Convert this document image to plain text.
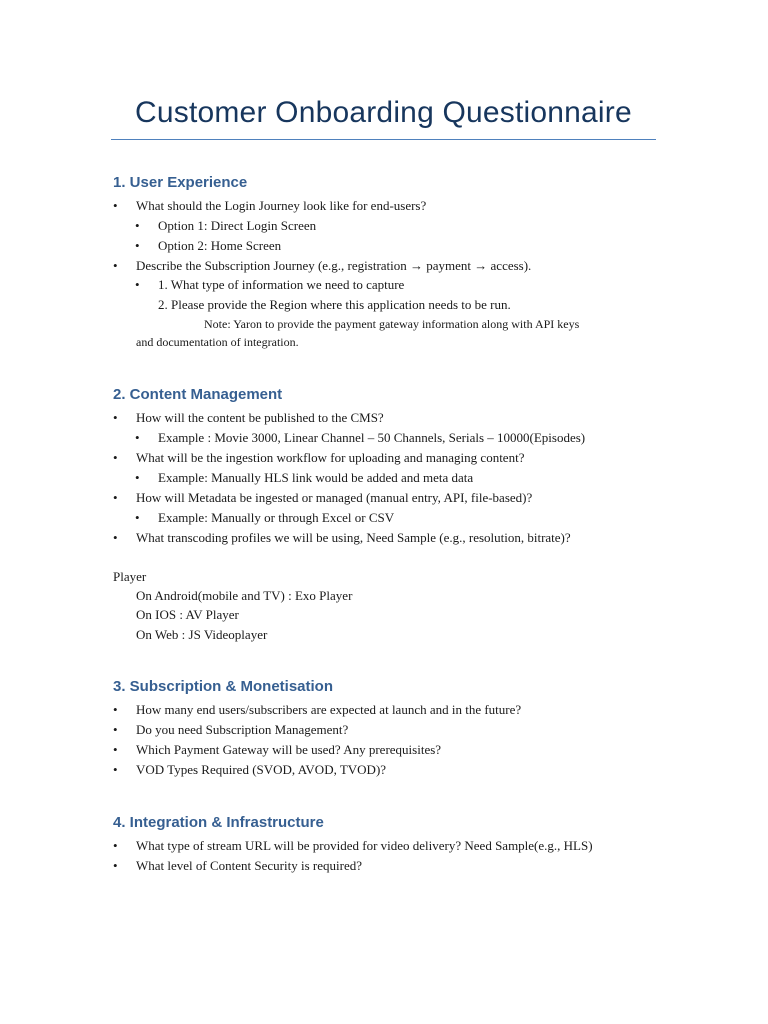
Customer Onboarding Questionnaire
1. User Experience
• What should the Login Journey look like for end-users?
• Option 1: Direct Login Screen
• Option 2: Home Screen
• Describe the Subscription Journey (e.g., registration → payment → access).
• 1. What type of information we need to capture
2. Please provide the Region where this application needs to be run.
Note: Yaron to provide the payment gateway information along with API keys
and documentation of integration.
2. Content Management
• How will the content be published to the CMS?
• Example : Movie 3000, Linear Channel – 50 Channels, Serials – 10000(Episodes)
• What will be the ingestion workflow for uploading and managing content?
• Example: Manually HLS link would be added and meta data
• How will Metadata be ingested or managed (manual entry, API, file-based)?
• Example: Manually or through Excel or CSV
• What transcoding profiles we will be using, Need Sample (e.g., resolution, bitrate)?
Player
On Android(mobile and TV) : Exo Player
On IOS : AV Player
On Web : JS Videoplayer
3. Subscription & Monetisation
• How many end users/subscribers are expected at launch and in the future?
• Do you need Subscription Management?
• Which Payment Gateway will be used? Any prerequisites?
• VOD Types Required (SVOD, AVOD, TVOD)?
4. Integration & Infrastructure
• What type of stream URL will be provided for video delivery? Need Sample(e.g., HLS)
• What level of Content Security is required?
